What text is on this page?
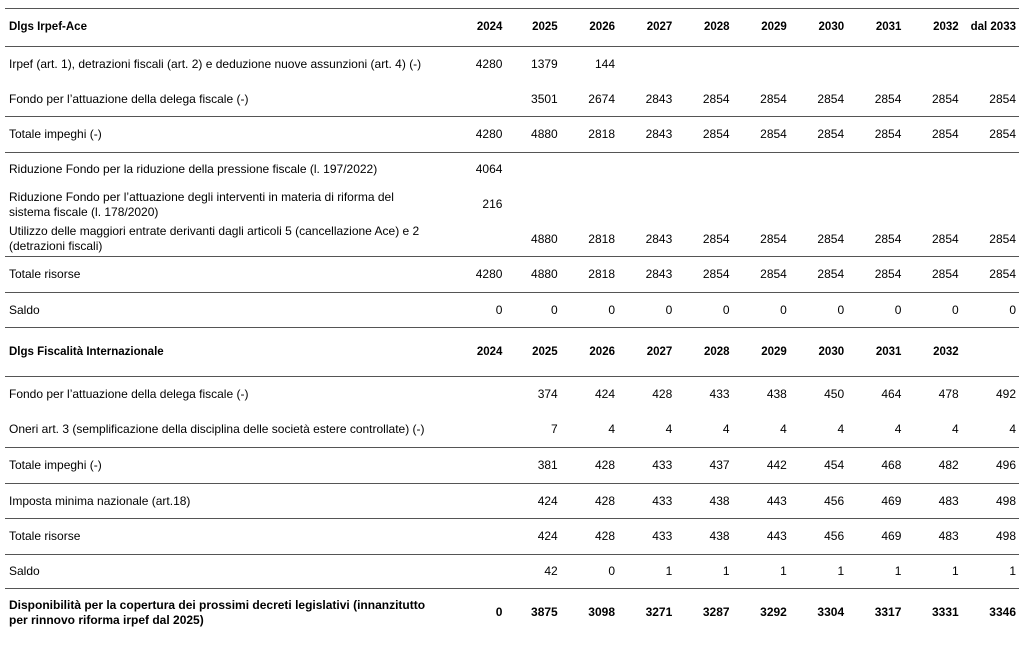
Dlgs Irpef-Ace	2024	2025	2026	2027	2028	2029	2030	2031	2032	dal 2033
Irpef (art. 1), detrazioni fiscali (art. 2) e deduzione nuove assunzioni (art. 4) (-)	4280	1379	144							
Fondo per l’attuazione della delega fiscale (-)		3501	2674	2843	2854	2854	2854	2854	2854	2854
Totale impeghi (-)	4280	4880	2818	2843	2854	2854	2854	2854	2854	2854
Riduzione Fondo per la riduzione della pressione fiscale (l. 197/2022)	4064									
Riduzione Fondo per l’attuazione degli interventi in materia di riforma del sistema fiscale (l. 178/2020)	216									
Utilizzo delle maggiori entrate derivanti dagli articoli 5 (cancellazione Ace) e 2 (detrazioni fiscali)		4880	2818	2843	2854	2854	2854	2854	2854	2854
Totale risorse	4280	4880	2818	2843	2854	2854	2854	2854	2854	2854
Saldo	0	0	0	0	0	0	0	0	0	0
Dlgs Fiscalità Internazionale	2024	2025	2026	2027	2028	2029	2030	2031	2032	
Fondo per l’attuazione della delega fiscale (-)		374	424	428	433	438	450	464	478	492
Oneri art. 3 (semplificazione della disciplina delle società estere controllate) (-)		7	4	4	4	4	4	4	4	4
Totale impeghi (-)		381	428	433	437	442	454	468	482	496
Imposta minima nazionale (art.18)		424	428	433	438	443	456	469	483	498
Totale risorse		424	428	433	438	443	456	469	483	498
Saldo		42	0	1	1	1	1	1	1	1
Disponibilità per la copertura dei prossimi decreti legislativi (innanzitutto per rinnovo riforma irpef dal 2025)	0	3875	3098	3271	3287	3292	3304	3317	3331	3346
